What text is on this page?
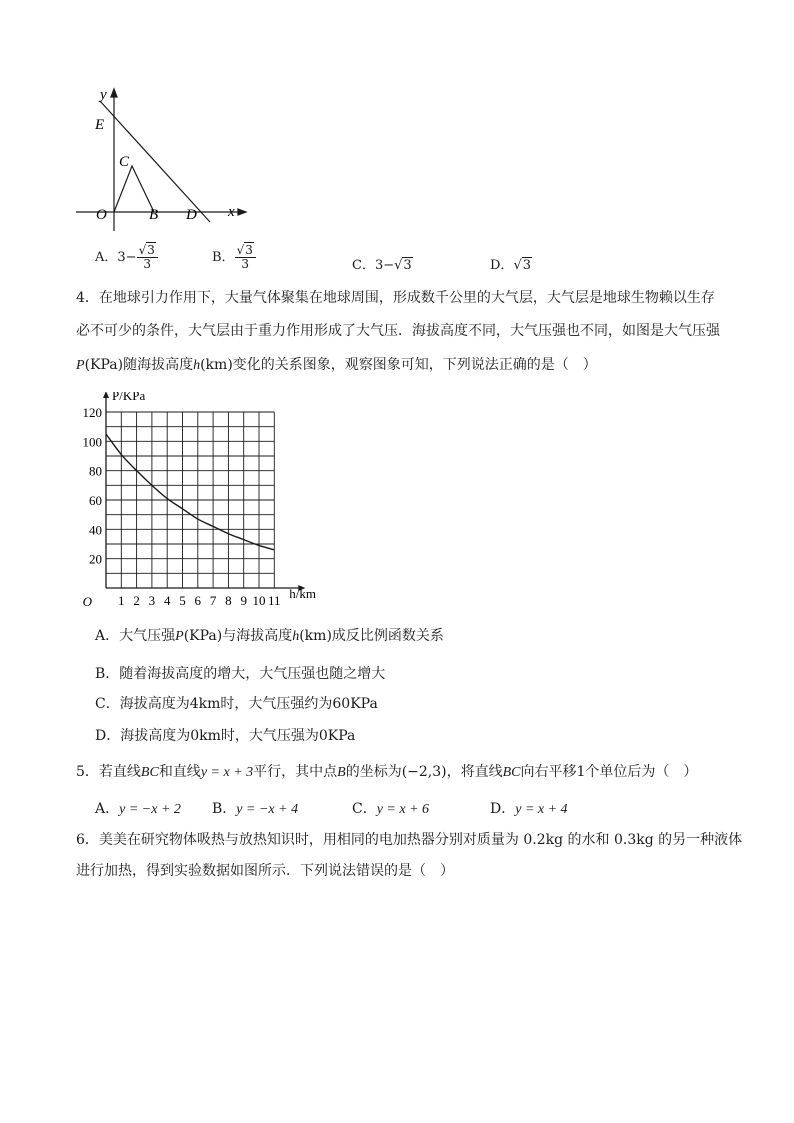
y
E
C
O	B D x
A．$3- \frac{√3}{3}$	B． $\frac{√3}{3}$	C．3−√3	D．√3
4．在地球引力作用下，大量气体聚集在地球周围，形成数千公里的大气层，大气层是地球生物赖以生存
必不可少的条件，大气层由于重力作用形成了大气压．海拔高度不同，大气压强也不同，如图是大气压强
P(KPa)随海拔高度h(km)变化的关系图象，观察图象可知，下列说法正确的是（　）
1 2 3 4 5 6 7 8 9 10 11
20
40
60
80
100
120
O
P/KPa
h/km
A．大气压强P(KPa)与海拔高度h(km)成反比例函数关系
B．随着海拔高度的增大，大气压强也随之增大
C．海拔高度为4km时，大气压强约为60KPa
D．海拔高度为0km时，大气压强为0KPa
5．若直线BC和直线y = x + 3平行，其中点B的坐标为(−2,3)，将直线BC向右平移1个单位后为（　）
A．y = −x + 2 B．y = −x + 4	C．y = x + 6	D．y = x + 4
6．美美在研究物体吸热与放热知识时，用相同的电加热器分别对质量为 0.2kg 的水和 0.3kg 的另一种液体
进行加热，得到实验数据如图所示．下列说法错误的是（　）
